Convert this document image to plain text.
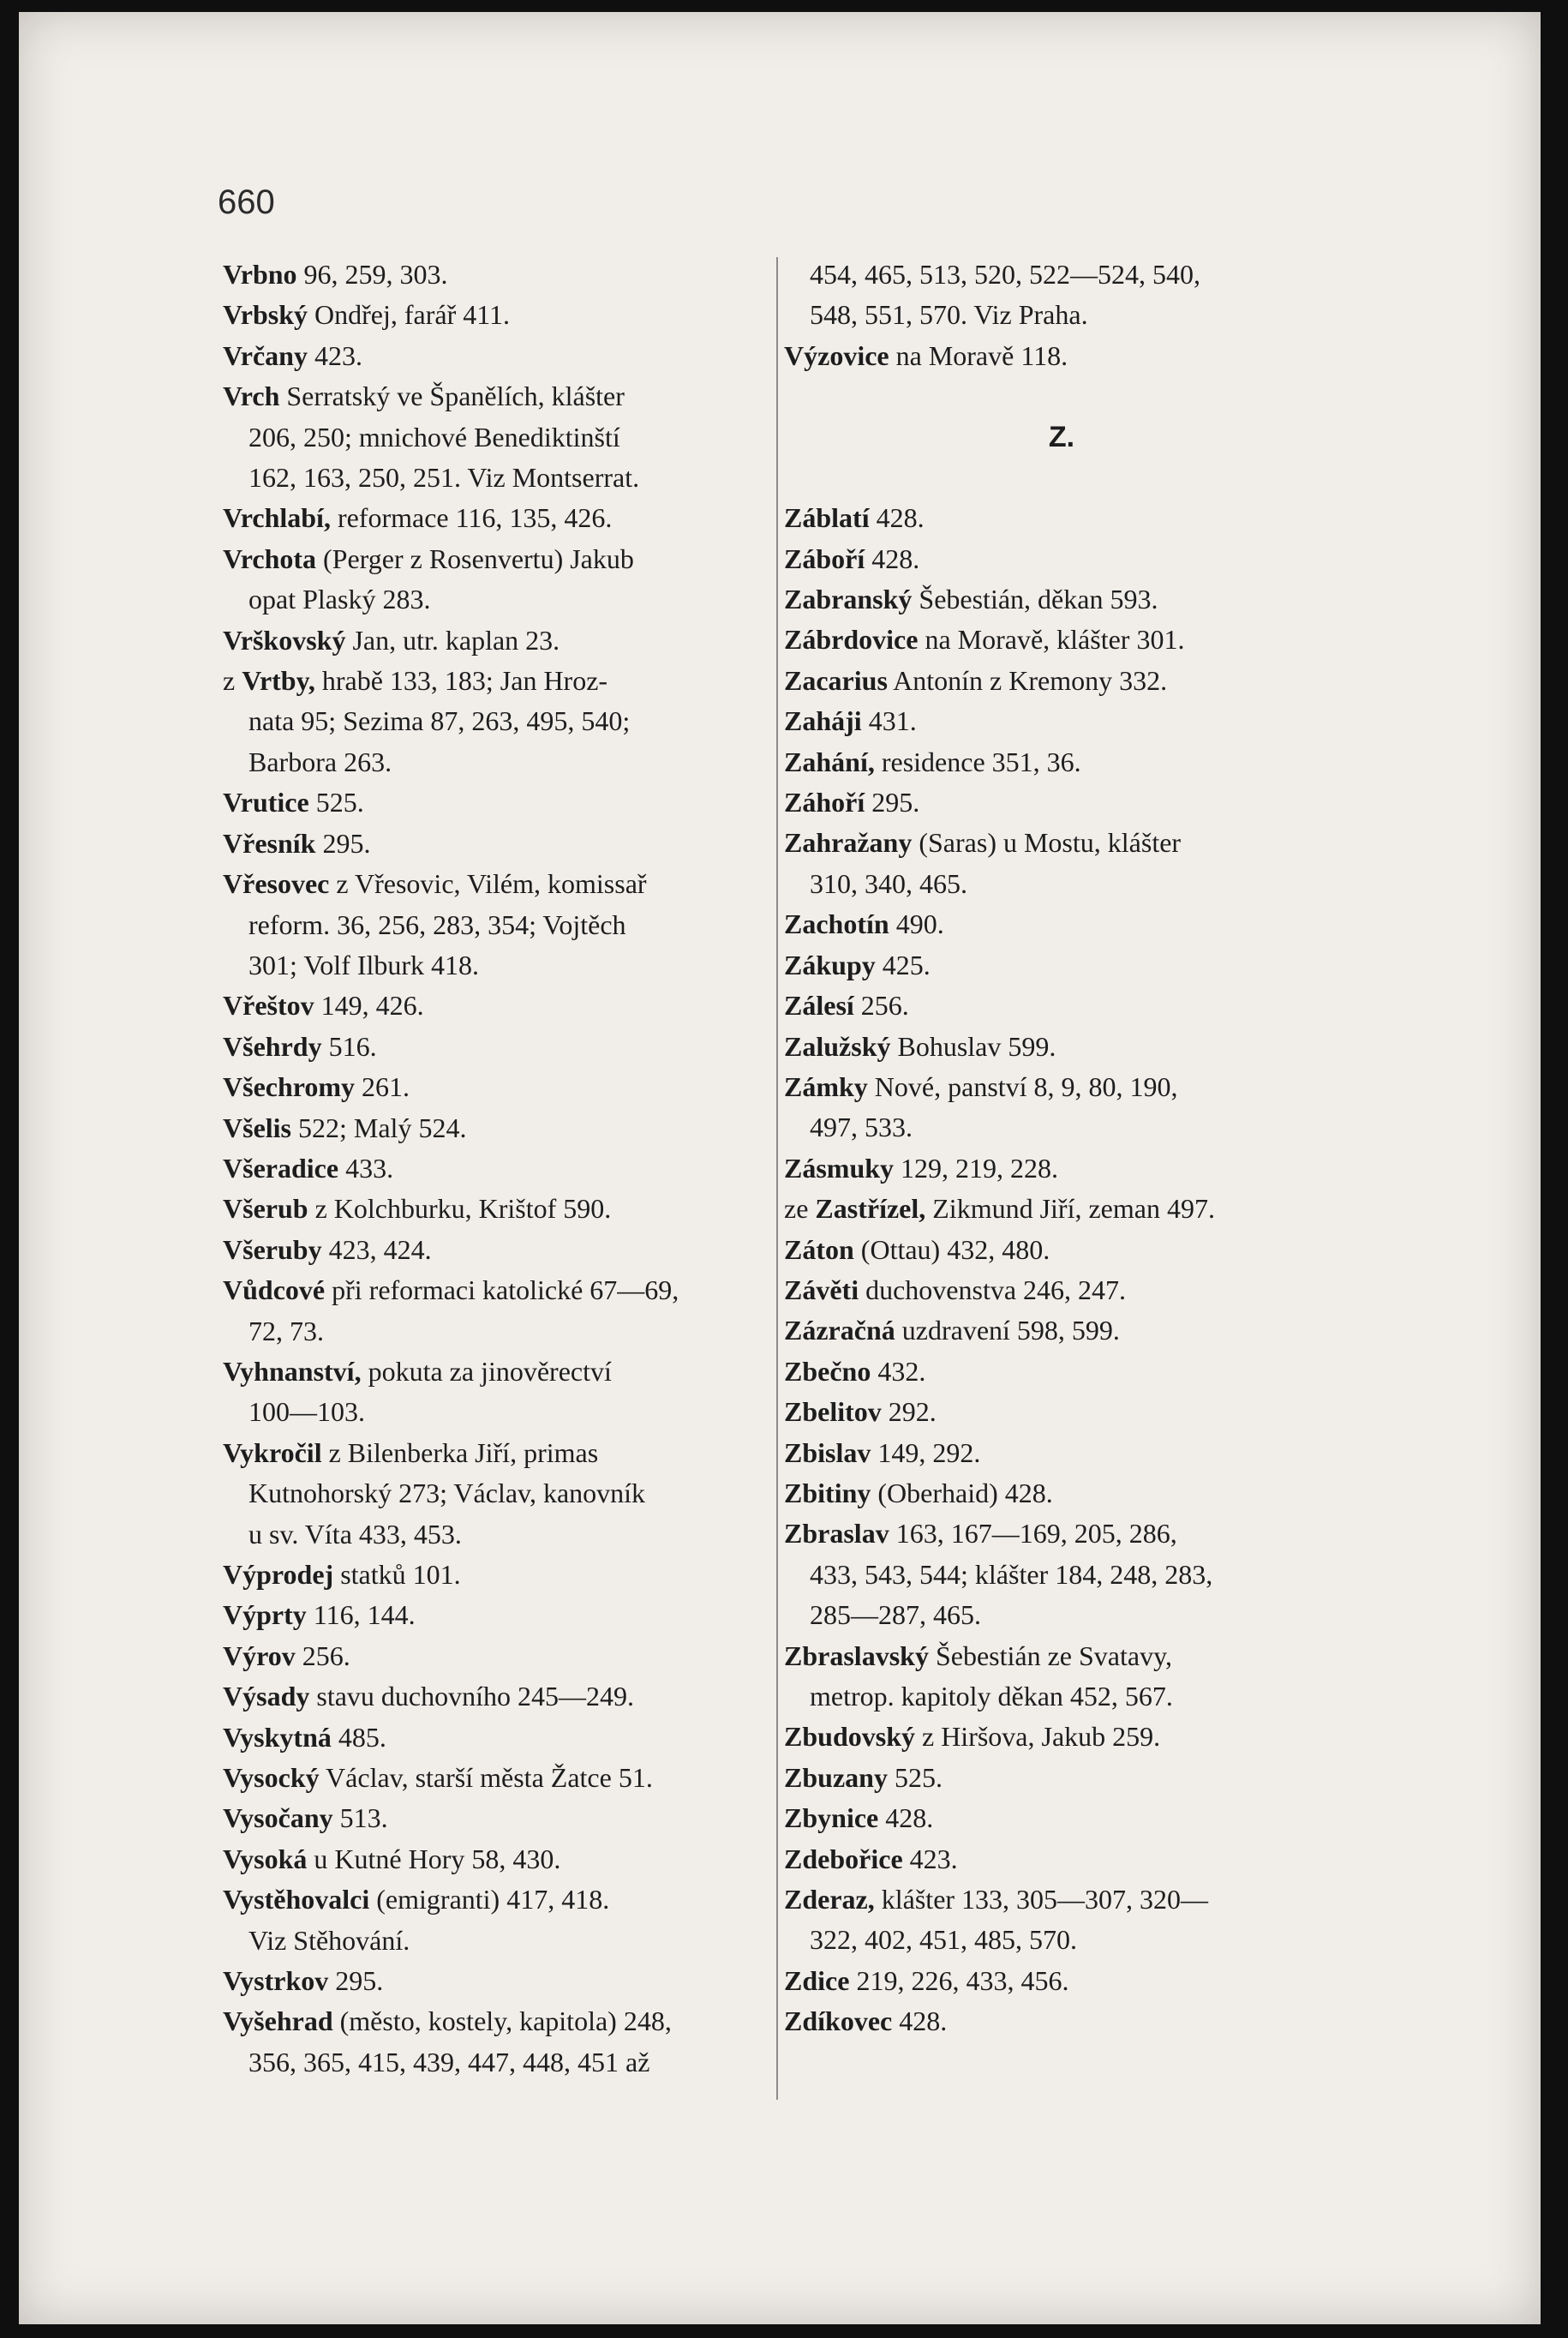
660
Vrbno 96, 259, 303.
Vrbský Ondřej, farář 411.
Vrčany 423.
Vrch Serratský ve Španělích, klášter
206, 250; mnichové Benediktinští
162, 163, 250, 251. Viz Montserrat.
Vrchlabí, reformace 116, 135, 426.
Vrchota (Perger z Rosenvertu) Jakub
opat Plaský 283.
Vrškovský Jan, utr. kaplan 23.
z Vrtby, hrabě 133, 183; Jan Hroz-
nata 95; Sezima 87, 263, 495, 540;
Barbora 263.
Vrutice 525.
Vřesník 295.
Vřesovec z Vřesovic, Vilém, komissař
reform. 36, 256, 283, 354; Vojtěch
301; Volf Ilburk 418.
Vřeštov 149, 426.
Všehrdy 516.
Všechromy 261.
Všelis 522; Malý 524.
Všeradice 433.
Všerub z Kolchburku, Krištof 590.
Všeruby 423, 424.
Vůdcové při reformaci katolické 67—69,
72, 73.
Vyhnanství, pokuta za jinověrectví
100—103.
Vykročil z Bilenberka Jiří, primas
Kutnohorský 273; Václav, kanovník
u sv. Víta 433, 453.
Výprodej statků 101.
Výprty 116, 144.
Výrov 256.
Výsady stavu duchovního 245—249.
Vyskytná 485.
Vysocký Václav, starší města Žatce 51.
Vysočany 513.
Vysoká u Kutné Hory 58, 430.
Vystěhovalci (emigranti) 417, 418.
Viz Stěhování.
Vystrkov 295.
Vyšehrad (město, kostely, kapitola) 248,
356, 365, 415, 439, 447, 448, 451 až
454, 465, 513, 520, 522—524, 540,
548, 551, 570. Viz Praha.
Výzovice na Moravě 118.
Z.
Záblatí 428.
Záboří 428.
Zabranský Šebestián, děkan 593.
Zábrdovice na Moravě, klášter 301.
Zacarius Antonín z Kremony 332.
Zaháji 431.
Zahání, residence 351, 36.
Záhoří 295.
Zahražany (Saras) u Mostu, klášter
310, 340, 465.
Zachotín 490.
Zákupy 425.
Zálesí 256.
Zalužský Bohuslav 599.
Zámky Nové, panství 8, 9, 80, 190,
497, 533.
Zásmuky 129, 219, 228.
ze Zastřízel, Zikmund Jiří, zeman 497.
Záton (Ottau) 432, 480.
Závěti duchovenstva 246, 247.
Zázračná uzdravení 598, 599.
Zbečno 432.
Zbelitov 292.
Zbislav 149, 292.
Zbitiny (Oberhaid) 428.
Zbraslav 163, 167—169, 205, 286,
433, 543, 544; klášter 184, 248, 283,
285—287, 465.
Zbraslavský Šebestián ze Svatavy,
metrop. kapitoly děkan 452, 567.
Zbudovský z Hiršova, Jakub 259.
Zbuzany 525.
Zbynice 428.
Zdebořice 423.
Zderaz, klášter 133, 305—307, 320—
322, 402, 451, 485, 570.
Zdice 219, 226, 433, 456.
Zdíkovec 428.
